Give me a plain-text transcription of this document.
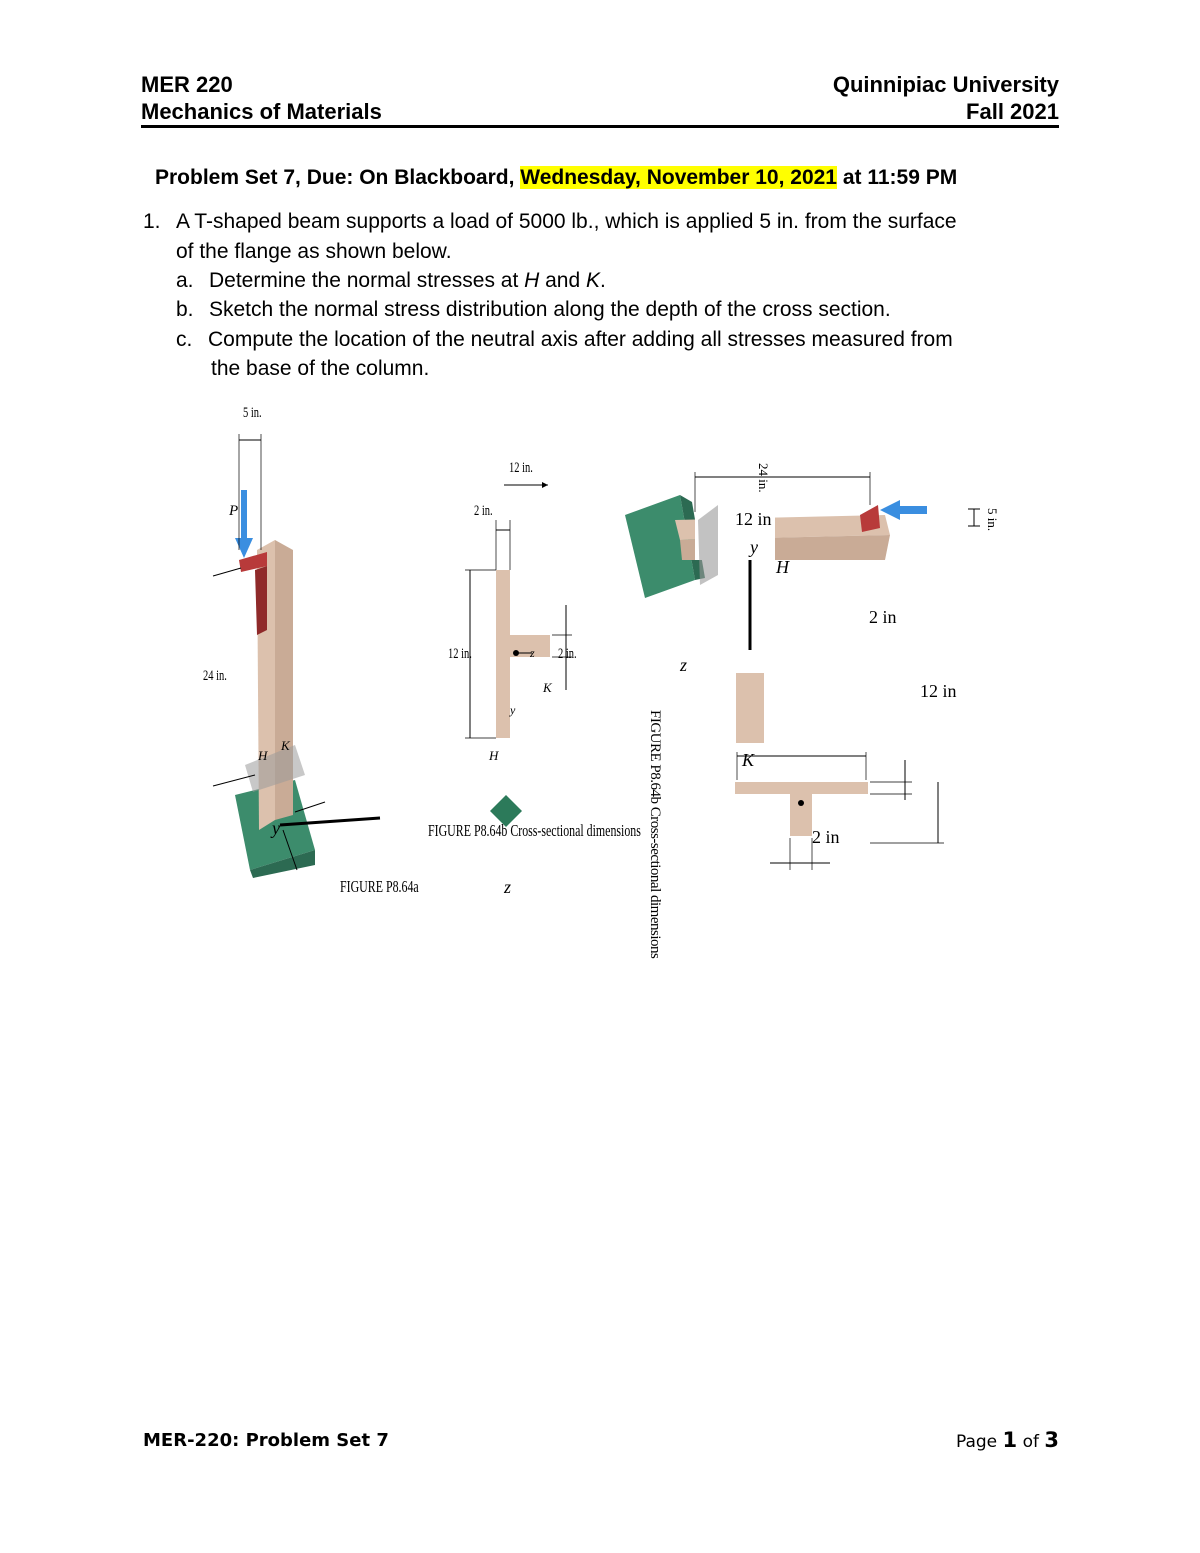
MER 220
Mechanics of Materials
Quinnipiac University
Fall 2021
Problem Set 7, Due: On Blackboard, Wednesday, November 10, 2021 at 11:59 PM
1. A T-shaped beam supports a load of 5000 lb., which is applied 5 in. from the surface
of the flange as shown below.
a. Determine the normal stresses at H and K.
b. Sketch the normal stress distribution along the depth of the cross section.
c. Compute the location of the neutral axis after adding all stresses measured from
the base of the column.
5 in.
P
24 in.
H
K
y
FIGURE P8.64a
12 in.
2 in.
12 in.	2 in.
K
H
z
y
FIGURE P8.64b Cross-sectional dimensions
z
24 in.
5 in.
12 in
y
H
2 in
z
12 in
K
2 in
FIGURE P8.64b Cross-sectional dimensions
MER-220: Problem Set 7	Page 1 of 3
